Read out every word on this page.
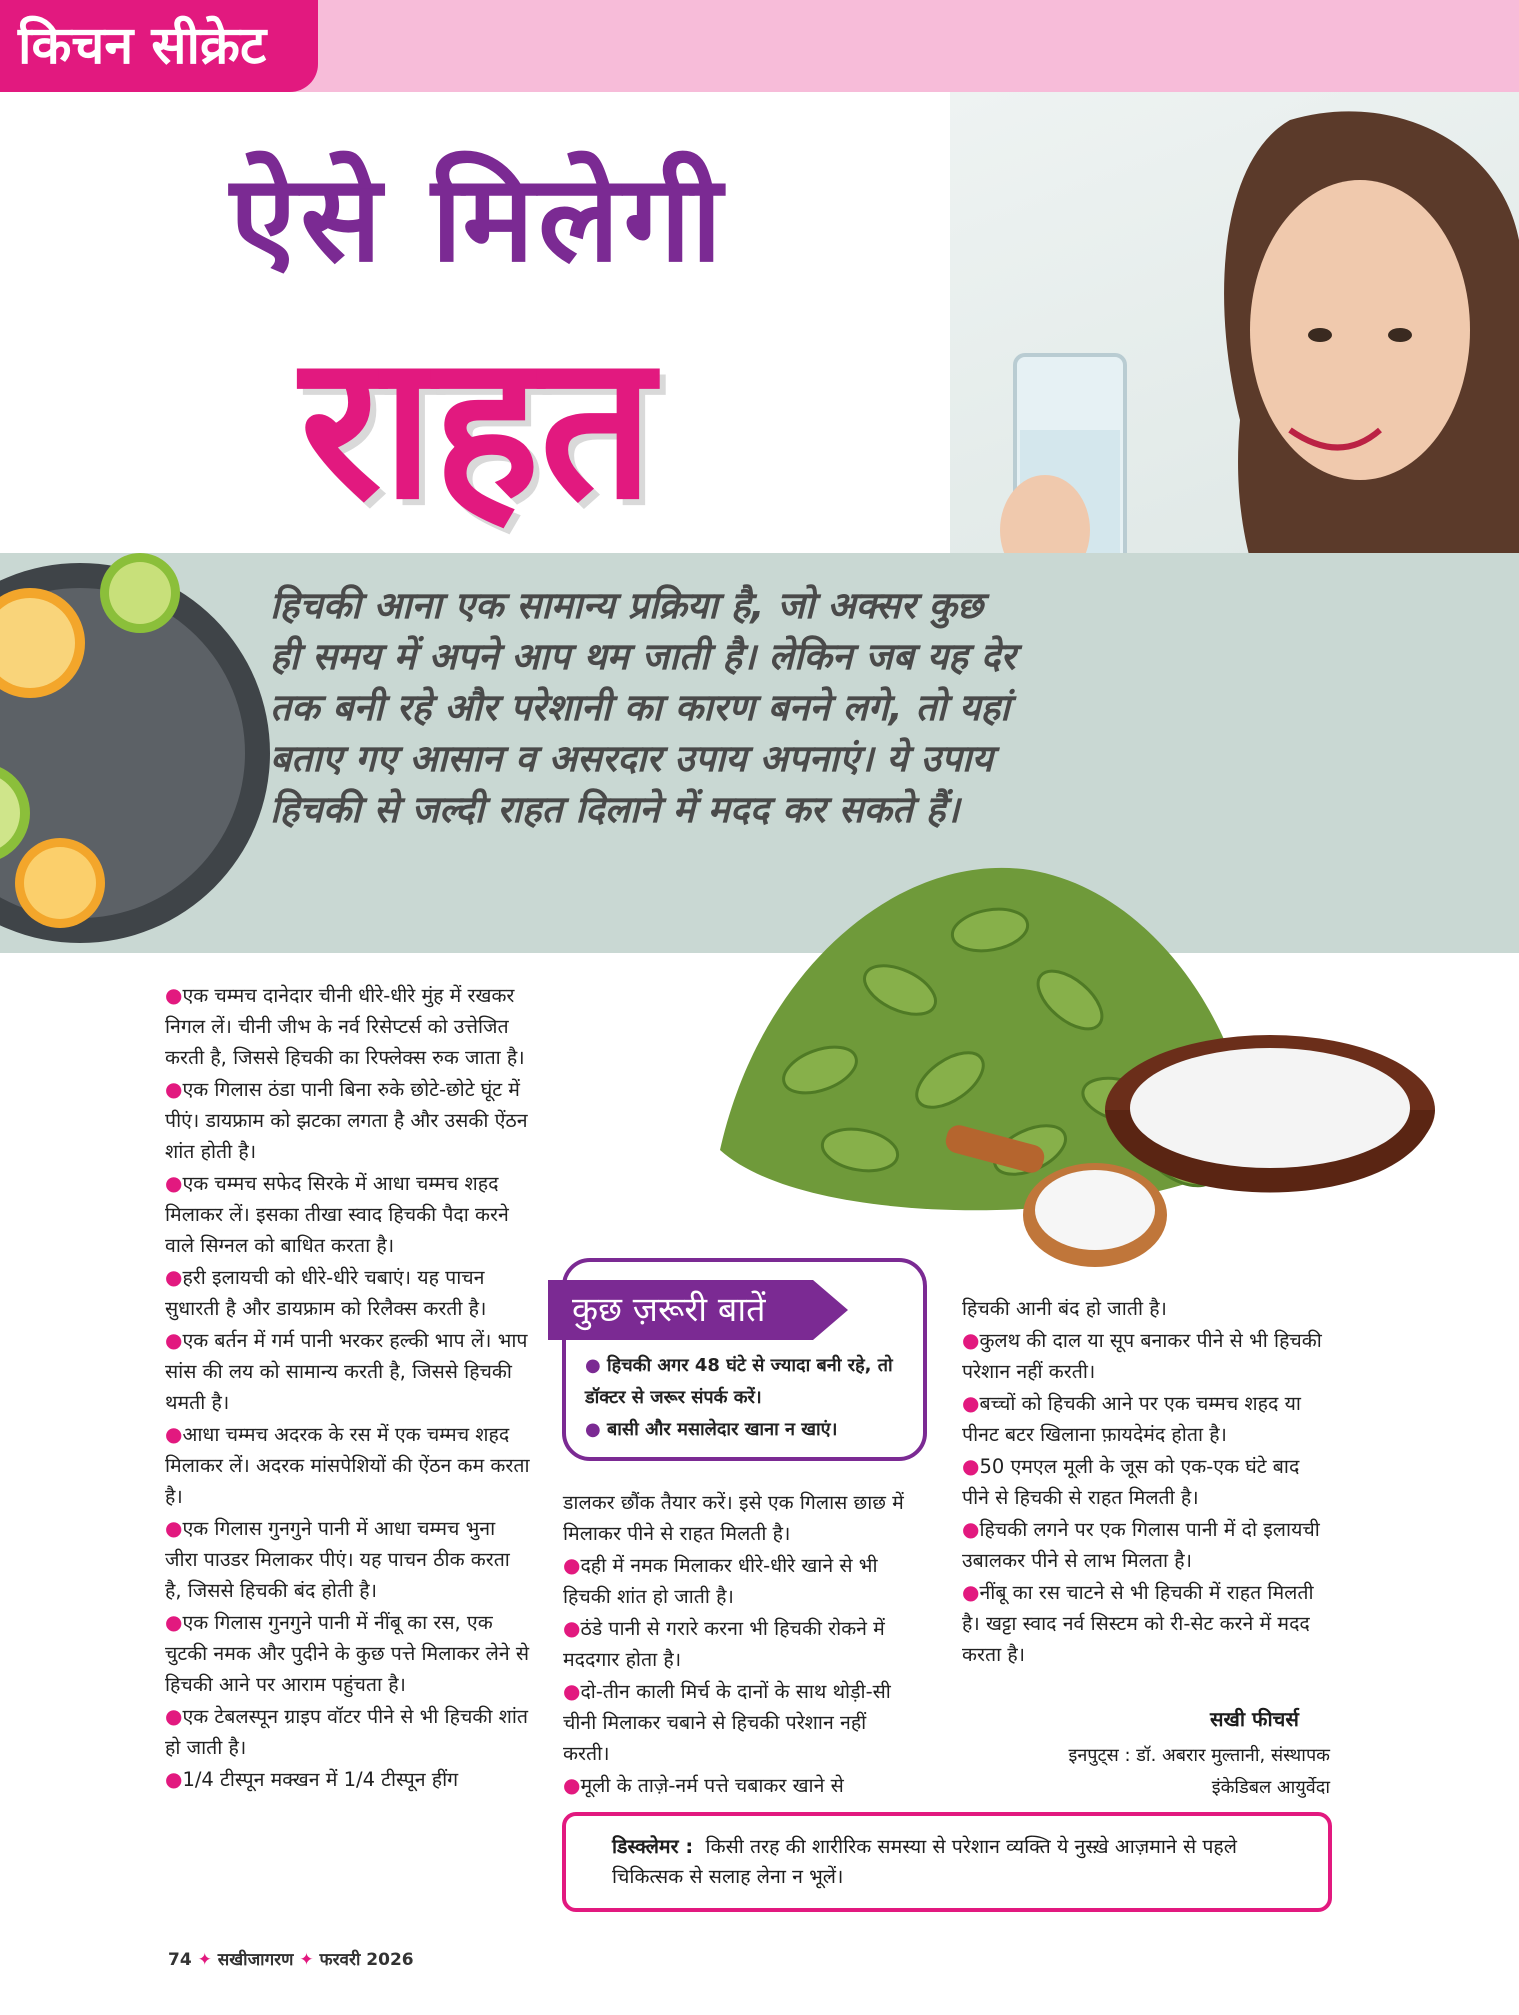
किचन सीक्रेट
ऐसे मिलेगी
राहत
हिचकी आना एक सामान्य प्रक्रिया है, जो अक्सर कुछ ही समय में अपने आप थम जाती है। लेकिन जब यह देर तक बनी रहे और परेशानी का कारण बनने लगे, तो यहां बताए गए आसान व असरदार उपाय अपनाएं। ये उपाय हिचकी से जल्दी राहत दिलाने में मदद कर सकते हैं।

●एक चम्मच दानेदार चीनी धीरे-धीरे मुंह में रखकर निगल लें। चीनी जीभ के नर्व रिसेप्टर्स को उत्तेजित करती है, जिससे हिचकी का रिफ्लेक्स रुक जाता है।

●एक गिलास ठंडा पानी बिना रुके छोटे-छोटे घूंट में पीएं। डायफ्राम को झटका लगता है और उसकी ऐंठन शांत होती है।

●एक चम्मच सफेद सिरके में आधा चम्मच शहद मिलाकर लें। इसका तीखा स्वाद हिचकी पैदा करने वाले सिग्नल को बाधित करता है।

●हरी इलायची को धीरे-धीरे चबाएं। यह पाचन सुधारती है और डायफ्राम को रिलैक्स करती है।

●एक बर्तन में गर्म पानी भरकर हल्की भाप लें। भाप सांस की लय को सामान्य करती है, जिससे हिचकी थमती है।

●आधा चम्मच अदरक के रस में एक चम्मच शहद मिलाकर लें। अदरक मांसपेशियों की ऐंठन कम करता है।

●एक गिलास गुनगुने पानी में आधा चम्मच भुना जीरा पाउडर मिलाकर पीएं। यह पाचन ठीक करता है, जिससे हिचकी बंद होती है।

●एक गिलास गुनगुने पानी में नींबू का रस, एक चुटकी नमक और पुदीने के कुछ पत्ते मिलाकर लेने से हिचकी आने पर आराम पहुंचता है।

●एक टेबलस्पून ग्राइप वॉटर पीने से भी हिचकी शांत हो जाती है।

●1/4 टीस्पून मक्खन में 1/4 टीस्पून हींग

कुछ ज़रूरी बातें
● हिचकी अगर 48 घंटे से ज्यादा बनी रहे, तो डॉक्टर से जरूर संपर्क करें।
● बासी और मसालेदार खाना न खाएं।

डालकर छौंक तैयार करें। इसे एक गिलास छाछ में मिलाकर पीने से राहत मिलती है।

●दही में नमक मिलाकर धीरे-धीरे खाने से भी हिचकी शांत हो जाती है।

●ठंडे पानी से गरारे करना भी हिचकी रोकने में मददगार होता है।

●दो-तीन काली मिर्च के दानों के साथ थोड़ी-सी चीनी मिलाकर चबाने से हिचकी परेशान नहीं करती।

●मूली के ताज़े-नर्म पत्ते चबाकर खाने से

हिचकी आनी बंद हो जाती है।

●कुलथ की दाल या सूप बनाकर पीने से भी हिचकी परेशान नहीं करती।

●बच्चों को हिचकी आने पर एक चम्मच शहद या पीनट बटर खिलाना फ़ायदेमंद होता है।

●50 एमएल मूली के जूस को एक-एक घंटे बाद पीने से हिचकी से राहत मिलती है।

●हिचकी लगने पर एक गिलास पानी में दो इलायची उबालकर पीने से लाभ मिलता है।

●नींबू का रस चाटने से भी हिचकी में राहत मिलती है। खट्टा स्वाद नर्व सिस्टम को री-सेट करने में मदद करता है।

सखी फीचर्स
इनपुट्स : डॉ. अबरार मुल्तानी, संस्थापक
इंकेडिबल आयुर्वेदा
डिस्क्लेमर : किसी तरह की शारीरिक समस्या से परेशान व्यक्ति ये नुस्ख़े आज़माने से पहले चिकित्सक से सलाह लेना न भूलें।
74 ✦ सखीजागरण ✦ फरवरी 2026
